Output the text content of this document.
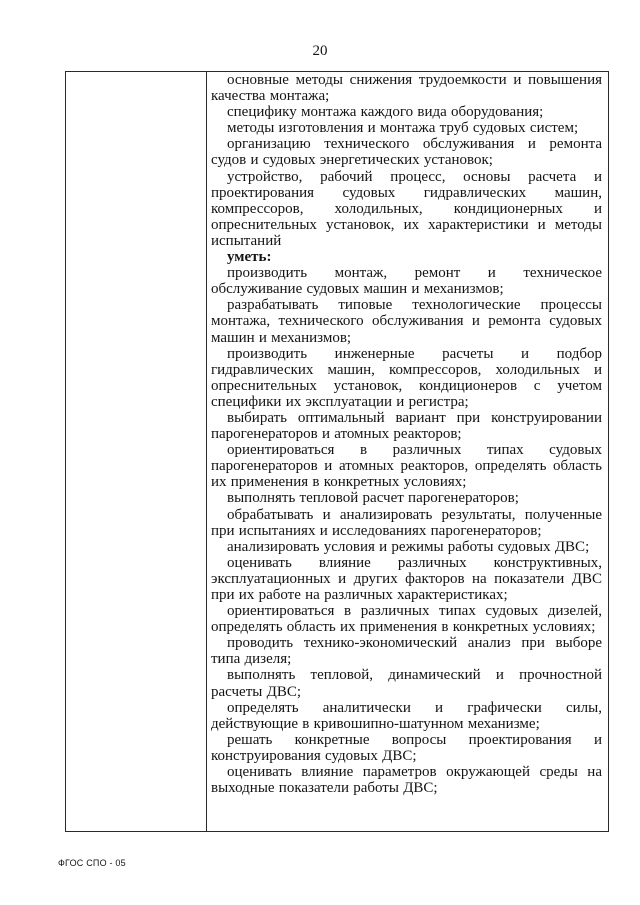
20

основные методы снижения трудоемкости и повышения качества монтажа;

специфику монтажа каждого вида оборудования;

методы изготовления и монтажа труб судовых систем;

организацию технического обслуживания и ремонта судов и судовых энергетических установок;

устройство, рабочий процесс, основы расчета и проектирования судовых гидравлических машин, компрессоров, холодильных, кондиционерных и опреснительных установок, их характеристики и методы испытаний

уметь:

производить монтаж, ремонт и техническое обслуживание судовых машин и механизмов;

разрабатывать типовые технологические процессы монтажа, технического обслуживания и ремонта судовых машин и механизмов;

производить инженерные расчеты и подбор гидравлических машин, компрессоров, холодильных и опреснительных установок, кондиционеров с учетом специфики их эксплуатации и регистра;

выбирать оптимальный вариант при конструировании парогенераторов и атомных реакторов;

ориентироваться в различных типах судовых парогенераторов и атомных реакторов, определять область их применения в конкретных условиях;

выполнять тепловой расчет парогенераторов;

обрабатывать и анализировать результаты, полученные при испытаниях и исследованиях парогенераторов;

анализировать условия и режимы работы судовых ДВС;

оценивать влияние различных конструктивных, эксплуатационных и других факторов на показатели ДВС при их работе на различных характеристиках;

ориентироваться в различных типах судовых дизелей, определять область их применения в конкретных условиях;

проводить технико-экономический анализ при выборе типа дизеля;

выполнять тепловой, динамический и прочностной расчеты ДВС;

определять аналитически и графически силы, действующие в кривошипно-шатунном механизме;

решать конкретные вопросы проектирования и конструирования судовых ДВС;

оценивать влияние параметров окружающей среды на выходные показатели работы ДВС;

ФГОС СПО - 05
